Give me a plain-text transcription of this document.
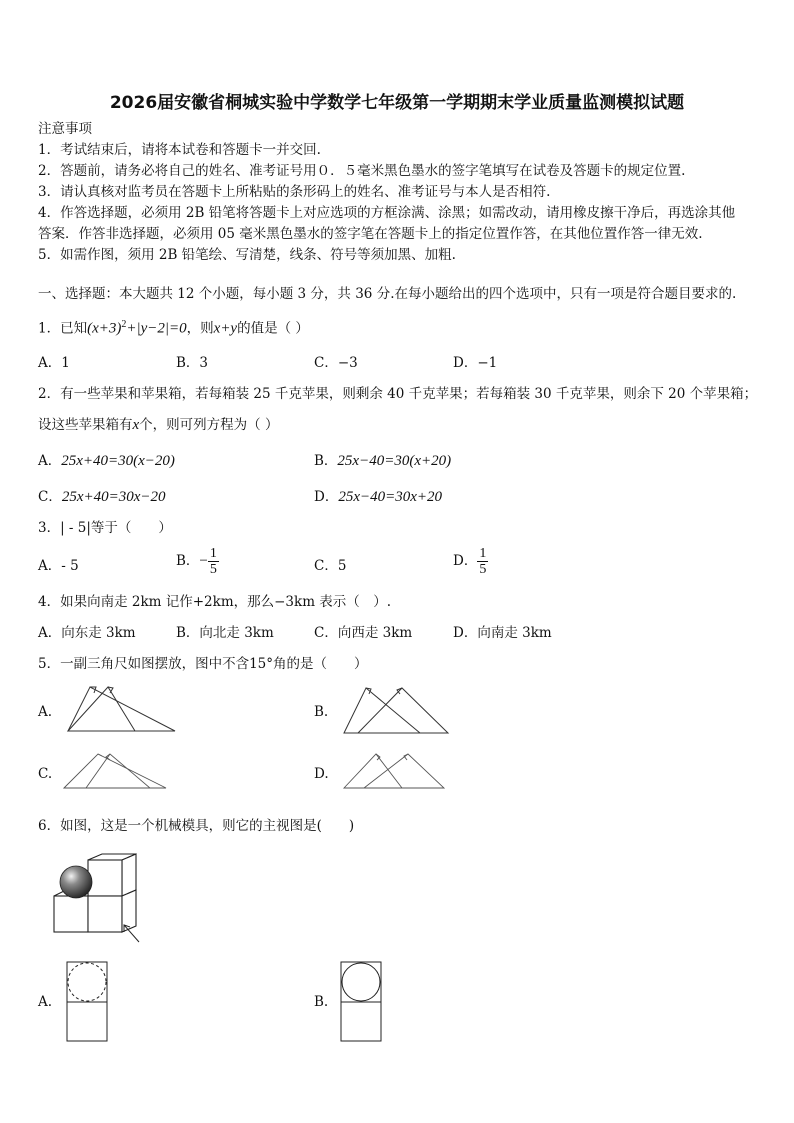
2026届安徽省桐城实验中学数学七年级第一学期期末学业质量监测模拟试题
注意事项
1．考试结束后，请将本试卷和答题卡一并交回.
2．答题前，请务必将自己的姓名、准考证号用０．５毫米黑色墨水的签字笔填写在试卷及答题卡的规定位置.
3．请认真核对监考员在答题卡上所粘贴的条形码上的姓名、准考证号与本人是否相符.
4．作答选择题，必须用 2B 铅笔将答题卡上对应选项的方框涂满、涂黑；如需改动，请用橡皮擦干净后，再选涂其他
答案．作答非选择题，必须用 05 毫米黑色墨水的签字笔在答题卡上的指定位置作答，在其他位置作答一律无效.
5．如需作图，须用 2B 铅笔绘、写清楚，线条、符号等须加黑、加粗.
一、选择题：本大题共 12 个小题，每小题 3 分，共 36 分.在每小题给出的四个选项中，只有一项是符合题目要求的.
1．已知$(x+3)^2+|y-2|=0$，则x+y的值是（ ）
A．1	B．3	C．−3	D．−1
2．有一些苹果和苹果箱，若每箱装 25 千克苹果，则剩余 40 千克苹果；若每箱装 30 千克苹果，则余下 20 个苹果箱；
设这些苹果箱有x个，则可列方程为（ ）
A．25x+40=30(x−20)	B．25x−40=30(x+20)
C．25x+40=30x−20	D．25x−40=30x+20
3．| - 5|等于（　　）
A．- 5	B．− $\frac{1}{5}$	C．5	D． $\frac{1}{5}$
4．如果向南走 2km 记作+2km，那么−3km 表示（　）.
A．向东走 3km	B．向北走 3km	C．向西走 3km	D．向南走 3km
5．一副三角尺如图摆放，图中不含15°角的是（　　）
A.	B.
C.	D.
6．如图，这是一个机械模具，则它的主视图是(　　)
A.	B.
